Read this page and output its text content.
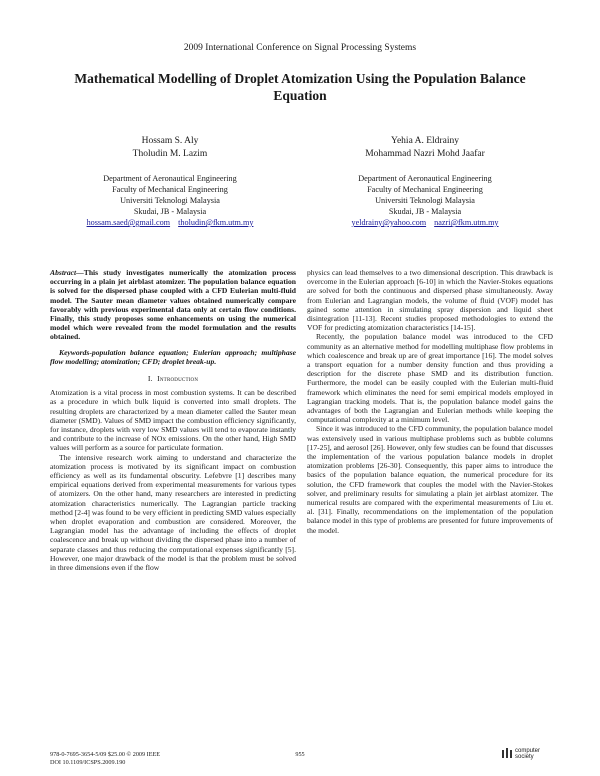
2009 International Conference on Signal Processing Systems
Mathematical Modelling of Droplet Atomization Using the Population Balance Equation
Hossam S. Aly
Tholudin M. Lazim
Department of Aeronautical Engineering
Faculty of Mechanical Engineering
Universiti Teknologi Malaysia
Skudai, JB - Malaysia
hossam.saed@gmail.com tholudin@fkm.utm.my
Yehia A. Eldrainy
Mohammad Nazri Mohd Jaafar
Department of Aeronautical Engineering
Faculty of Mechanical Engineering
Universiti Teknologi Malaysia
Skudai, JB - Malaysia
yeldrainy@yahoo.com nazri@fkm.utm.my

Abstract—This study investigates numerically the atomization process occurring in a plain jet airblast atomizer. The population balance equation is solved for the dispersed phase coupled with a CFD Eulerian multi-fluid model. The Sauter mean diameter values obtained numerically compare favorably with previous experimental data only at certain flow conditions. Finally, this study proposes some enhancements on using the numerical model which were revealed from the model formulation and the results obtained.

Keywords-population balance equation; Eulerian approach; multiphase flow modelling; atomization; CFD; droplet break-up.

I. Introduction

Atomization is a vital process in most combustion systems. It can be described as a procedure in which bulk liquid is converted into small droplets. The resulting droplets are characterized by a mean diameter called the Sauter mean diameter (SMD). Values of SMD impact the combustion efficiency significantly, for instance, droplets with very low SMD values will tend to evaporate instantly and contribute to the increase of NOx emissions. On the other hand, High SMD values will perform as a source for particulate formation.

The intensive research work aiming to understand and characterize the atomization process is motivated by its significant impact on combustion efficiency as well as its fundamental obscurity. Lefebvre [1] describes many empirical equations derived from experimental measurements for various types of atomizers. On the other hand, many researchers are interested in predicting atomization characteristics numerically. The Lagrangian particle tracking method [2-4] was found to be very efficient in predicting SMD values especially when droplet evaporation and combustion are considered. Moreover, the Lagrangian model has the advantage of including the effects of droplet coalescence and break up without dividing the dispersed phase into a number of separate classes and thus reducing the computational expenses significantly [5]. However, one major drawback of the model is that the problem must be solved in three dimensions even if the flow

physics can lead themselves to a two dimensional description. This drawback is overcome in the Eulerian approach [6-10] in which the Navier-Stokes equations are solved for both the continuous and dispersed phase simultaneously. Away from Eulerian and Lagrangian models, the volume of fluid (VOF) model has gained some attention in simulating spray dispersion and liquid sheet disintegration [11-13]. Recent studies proposed methodologies to extend the VOF for predicting atomization characteristics [14-15].

Recently, the population balance model was introduced to the CFD community as an alternative method for modelling multiphase flow problems in which coalescence and break up are of great importance [16]. The model solves a transport equation for a number density function and thus providing a description for the discrete phase SMD and its distribution function. Furthermore, the model can be easily coupled with the Eulerian multi-fluid framework which eliminates the need for semi empirical models employed in Lagrangian tracking models. That is, the population balance model gains the advantages of both the Lagrangian and Eulerian methods while keeping the computational complexity at a minimum level.

Since it was introduced to the CFD community, the population balance model was extensively used in various multiphase problems such as bubble columns [17-25], and aerosol [26]. However, only few studies can be found that discusses the implementation of the various population balance models in droplet atomization problems [26-30]. Consequently, this paper aims to introduce the basics of the population balance equation, the numerical procedure for its solution, the CFD framework that couples the model with the Navier-Stokes solver, and preliminary results for simulating a plain jet airblast atomizer. The numerical results are compared with the experimental measurements of Liu et. al. [31]. Finally, recommendations on the implementation of the population balance model in this type of problems are presented for future improvements of the model.

978-0-7695-3654-5/09 $25.00 © 2009 IEEE
DOI 10.1109/ICSPS.2009.190
955	computer
society
